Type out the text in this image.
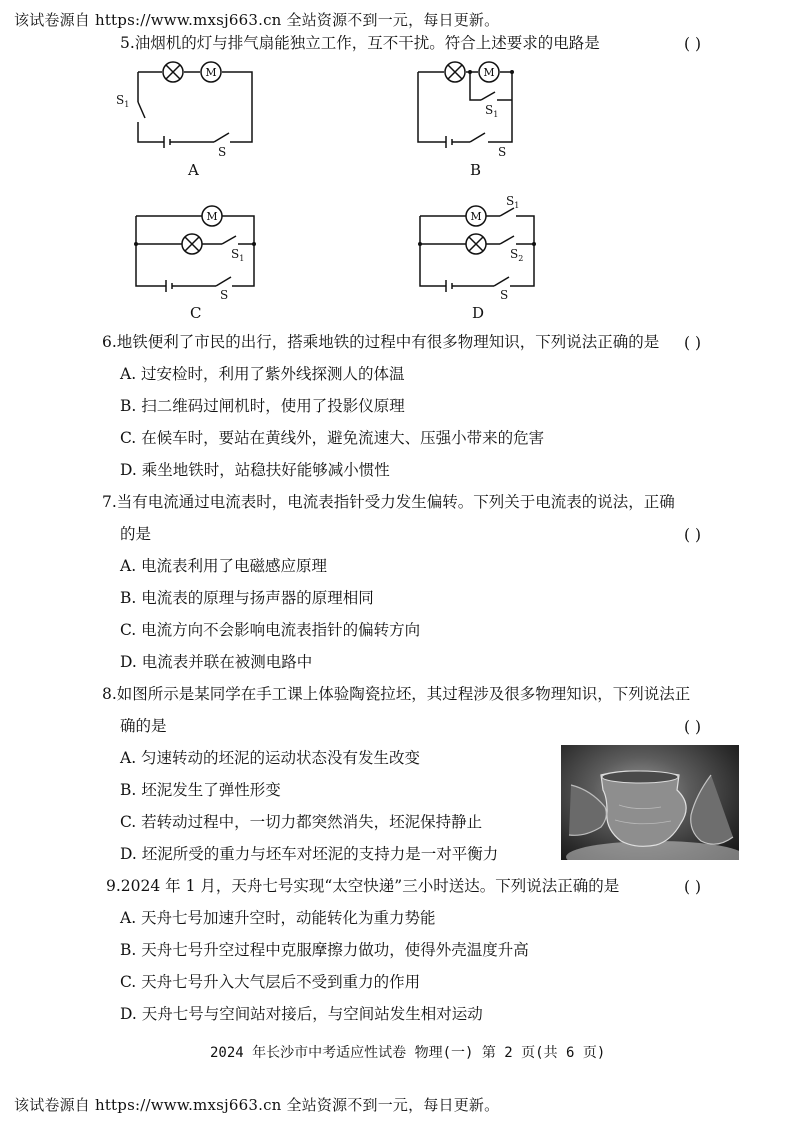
该试卷源自 https://www.mxsj663.cn 全站资源不到一元，每日更新。
5.油烟机的灯与排气扇能独立工作，互不干扰。符合上述要求的电路是	( )
M	M
M	M
$S_1$
S
$S_1$
S
$S_1$
S
$S_1$
$S_2$
S
A	B
C	D
6.地铁便利了市民的出行，搭乘地铁的过程中有很多物理知识，下列说法正确的是 ( )
A. 过安检时，利用了紫外线探测人的体温
B. 扫二维码过闸机时，使用了投影仪原理
C. 在候车时，要站在黄线外，避免流速大、压强小带来的危害
D. 乘坐地铁时，站稳扶好能够减小惯性
7.当有电流通过电流表时，电流表指针受力发生偏转。下列关于电流表的说法，正确
的是	( )
A. 电流表利用了电磁感应原理
B. 电流表的原理与扬声器的原理相同
C. 电流方向不会影响电流表指针的偏转方向
D. 电流表并联在被测电路中
8.如图所示是某同学在手工课上体验陶瓷拉坯，其过程涉及很多物理知识，下列说法正
确的是	( )
A. 匀速转动的坯泥的运动状态没有发生改变
B. 坯泥发生了弹性形变
C. 若转动过程中，一切力都突然消失，坯泥保持静止
D. 坯泥所受的重力与坯车对坯泥的支持力是一对平衡力
9.2024 年 1 月，天舟七号实现“太空快递”三小时送达。下列说法正确的是	( )
A. 天舟七号加速升空时，动能转化为重力势能
B. 天舟七号升空过程中克服摩擦力做功，使得外壳温度升高
C. 天舟七号升入大气层后不受到重力的作用
D. 天舟七号与空间站对接后，与空间站发生相对运动
2024 年长沙市中考适应性试卷 物理(一) 第 2 页(共 6 页)
该试卷源自 https://www.mxsj663.cn 全站资源不到一元，每日更新。
